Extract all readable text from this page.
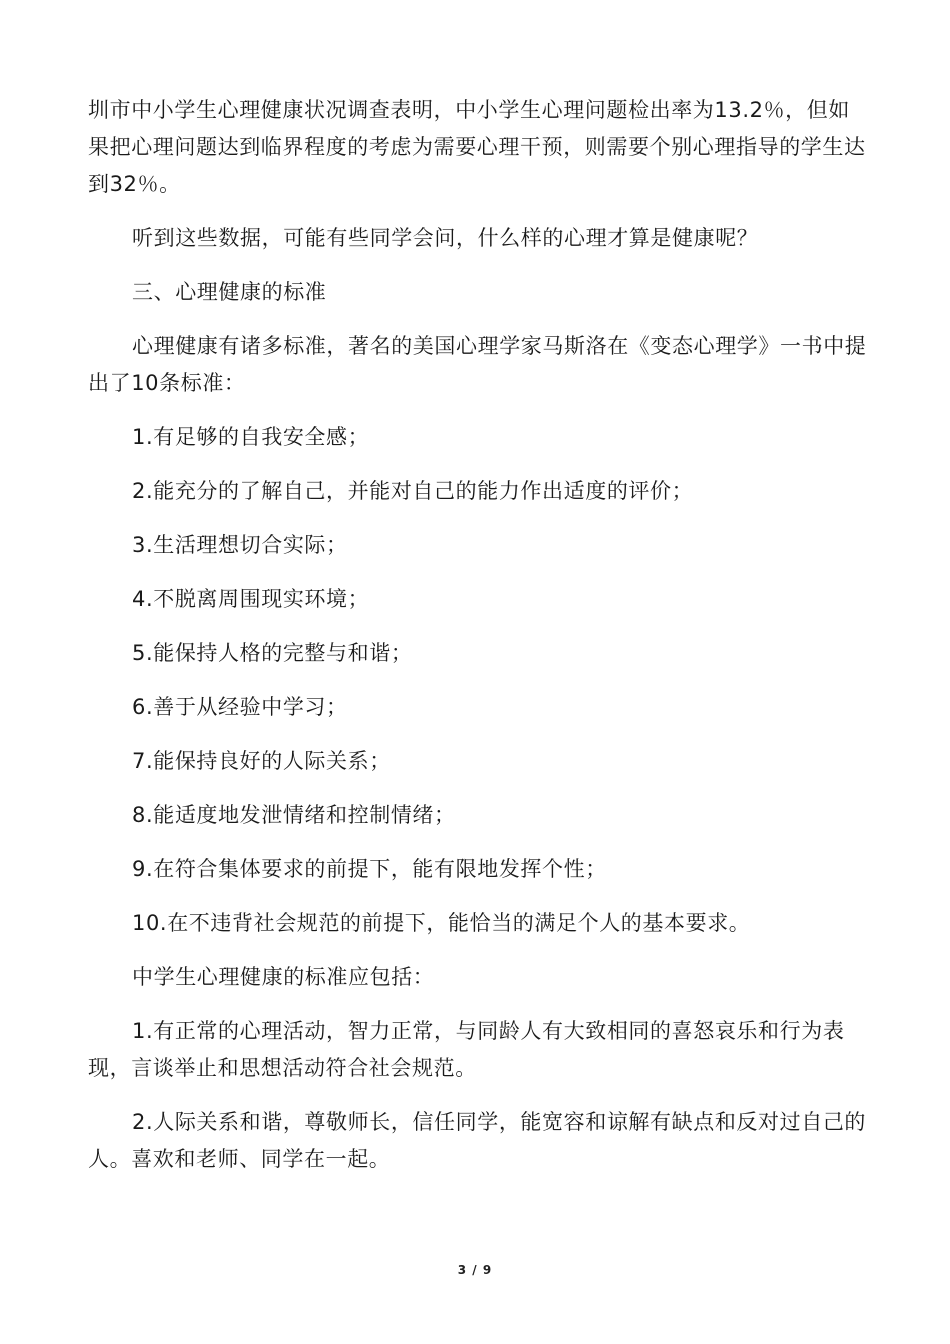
圳市中小学生心理健康状况调查表明，中小学生心理问题检出率为13.2％，但如果把心理问题达到临界程度的考虑为需要心理干预，则需要个别心理指导的学生达到32％。

听到这些数据，可能有些同学会问，什么样的心理才算是健康呢？

三、心理健康的标准

心理健康有诸多标准，著名的美国心理学家马斯洛在《变态心理学》一书中提出了10条标准：

1.有足够的自我安全感；

2.能充分的了解自己，并能对自己的能力作出适度的评价；

3.生活理想切合实际；

4.不脱离周围现实环境；

5.能保持人格的完整与和谐；

6.善于从经验中学习；

7.能保持良好的人际关系；

8.能适度地发泄情绪和控制情绪；

9.在符合集体要求的前提下，能有限地发挥个性；

10.在不违背社会规范的前提下，能恰当的满足个人的基本要求。

中学生心理健康的标准应包括：

1.有正常的心理活动，智力正常，与同龄人有大致相同的喜怒哀乐和行为表现，言谈举止和思想活动符合社会规范。

2.人际关系和谐，尊敬师长，信任同学，能宽容和谅解有缺点和反对过自己的人。喜欢和老师、同学在一起。

3 / 9
